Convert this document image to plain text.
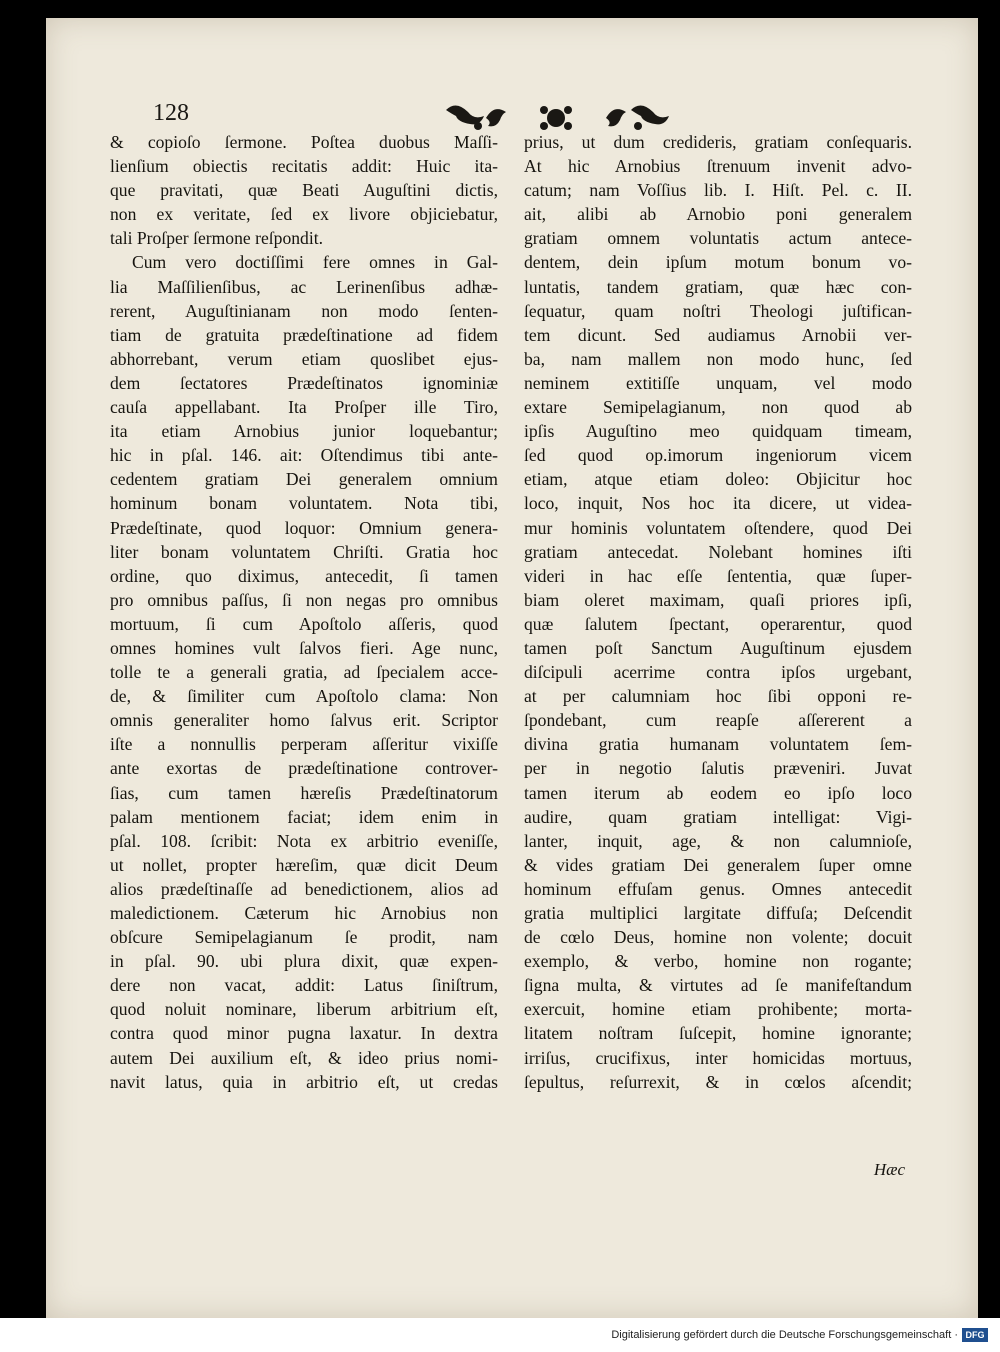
128
Hæc
& copioſo ſermone. Poſtea duobus Maſſi-
lienſium obiectis recitatis addit: Huic ita-
que pravitati, quæ Beati Auguſtini dictis,
non ex veritate, ſed ex livore objiciebatur,
tali Proſper ſermone reſpondit.
Cum vero doctiſſimi fere omnes in Gal-
lia Maſſilienſibus, ac Lerinenſibus adhæ-
rerent, Auguſtinianam non modo ſenten-
tiam de gratuita prædeſtinatione ad fidem
abhorrebant, verum etiam quoslibet ejus-
dem ſectatores Prædeſtinatos ignominiæ
cauſa appellabant. Ita Proſper ille Tiro,
ita etiam Arnobius junior loquebantur;
hic in pſal. 146. ait: Oſtendimus tibi ante-
cedentem gratiam Dei generalem omnium
hominum bonam voluntatem. Nota tibi,
Prædeſtinate, quod loquor: Omnium genera-
liter bonam voluntatem Chriſti. Gratia hoc
ordine, quo diximus, antecedit, ſi tamen
pro omnibus paſſus, ſi non negas pro omnibus
mortuum, ſi cum Apoſtolo aſſeris, quod
omnes homines vult ſalvos fieri. Age nunc,
tolle te a generali gratia, ad ſpecialem acce-
de, & ſimiliter cum Apoſtolo clama: Non
omnis generaliter homo ſalvus erit. Scriptor
iſte a nonnullis perperam aſſeritur vixiſſe
ante exortas de prædeſtinatione controver-
ſias, cum tamen hæreſis Prædeſtinatorum
palam mentionem faciat; idem enim in
pſal. 108. ſcribit: Nota ex arbitrio eveniſſe,
ut nollet, propter hæreſim, quæ dicit Deum
alios prædeſtinaſſe ad benedictionem, alios ad
maledictionem. Cæterum hic Arnobius non
obſcure Semipelagianum ſe prodit, nam
in pſal. 90. ubi plura dixit, quæ expen-
dere non vacat, addit: Latus ſiniſtrum,
quod noluit nominare, liberum arbitrium eſt,
contra quod minor pugna laxatur. In dextra
autem Dei auxilium eſt, & ideo prius nomi-
navit latus, quia in arbitrio eſt, ut credas
prius, ut dum credideris, gratiam conſequaris.
At hic Arnobius ſtrenuum invenit advo-
catum; nam Voſſius lib. I. Hiſt. Pel. c. II.
ait, alibi ab Arnobio poni generalem
gratiam omnem voluntatis actum antece-
dentem, dein ipſum motum bonum vo-
luntatis, tandem gratiam, quæ hæc con-
ſequatur, quam noſtri Theologi juſtifican-
tem dicunt. Sed audiamus Arnobii ver-
ba, nam mallem non modo hunc, ſed
neminem extitiſſe unquam, vel modo
extare Semipelagianum, non quod ab
ipſis Auguſtino meo quidquam timeam,
ſed quod op.imorum ingeniorum vicem
etiam, atque etiam doleo: Objicitur hoc
loco, inquit, Nos hoc ita dicere, ut videa-
mur hominis voluntatem oſtendere, quod Dei
gratiam antecedat. Nolebant homines iſti
videri in hac eſſe ſententia, quæ ſuper-
biam oleret maximam, quaſi priores ipſi,
quæ ſalutem ſpectant, operarentur, quod
tamen poſt Sanctum Auguſtinum ejusdem
diſcipuli acerrime contra ipſos urgebant,
at per calumniam hoc ſibi opponi re-
ſpondebant, cum reapſe aſſererent a
divina gratia humanam voluntatem ſem-
per in negotio ſalutis præveniri. Juvat
tamen iterum ab eodem eo ipſo loco
audire, quam gratiam intelligat: Vigi-
lanter, inquit, age, & non calumnioſe,
& vides gratiam Dei generalem ſuper omne
hominum effuſam genus. Omnes antecedit
gratia multiplici largitate diffuſa; Deſcendit
de cœlo Deus, homine non volente; docuit
exemplo, & verbo, homine non rogante;
ſigna multa, & virtutes ad ſe manifeſtandum
exercuit, homine etiam prohibente; morta-
litatem noſtram ſuſcepit, homine ignorante;
irriſus, crucifixus, inter homicidas mortuus,
ſepultus, reſurrexit, & in cœlos aſcendit;
Digitalisierung gefördert durch die Deutsche Forschungsgemeinschaft · DFG
